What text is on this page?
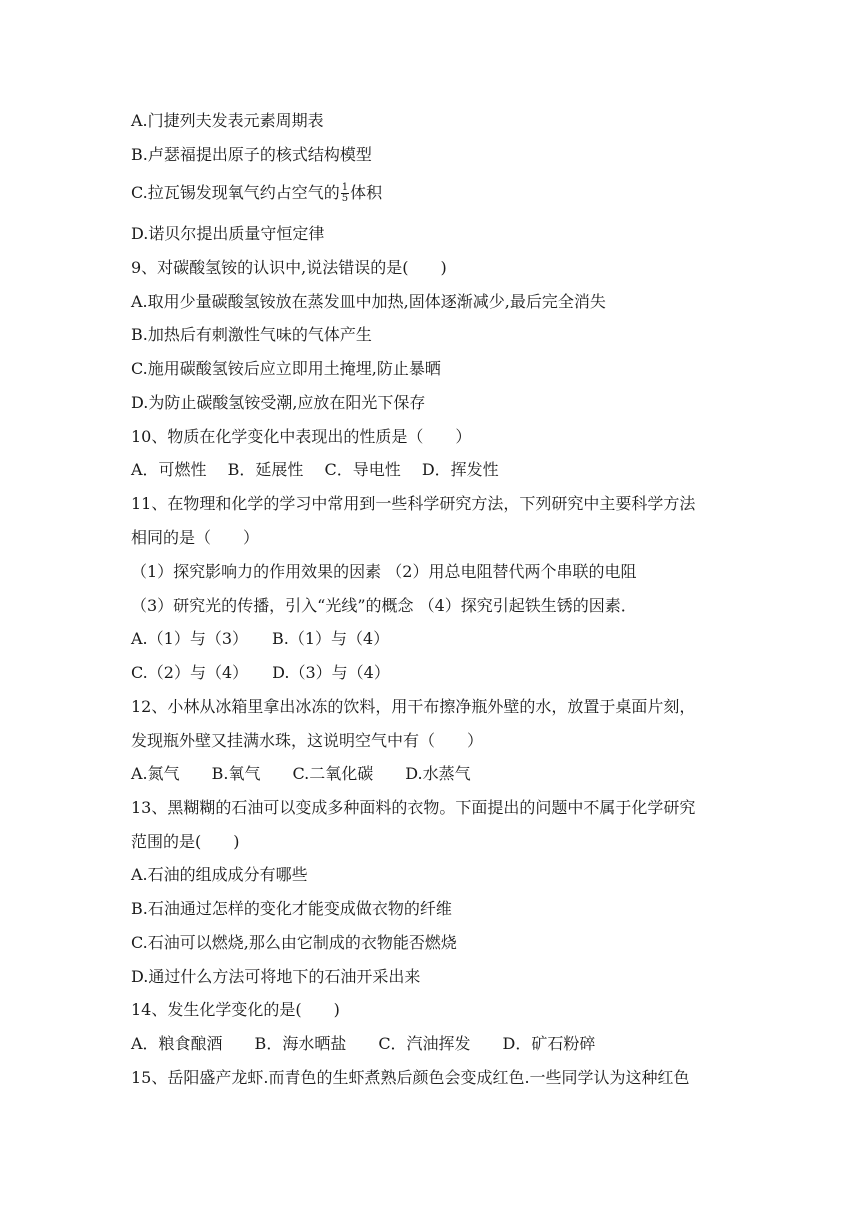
A.门捷列夫发表元素周期表
B.卢瑟福提出原子的核式结构模型
C.拉瓦锡发现氧气约占空气的 $\frac{1}{5}$ 体积
D.诺贝尔提出质量守恒定律
9、对碳酸氢铵的认识中,说法错误的是(　　)
A.取用少量碳酸氢铵放在蒸发皿中加热,固体逐渐减少,最后完全消失
B.加热后有刺激性气味的气体产生
C.施用碳酸氢铵后应立即用土掩埋,防止暴晒
D.为防止碳酸氢铵受潮,应放在阳光下保存
10、物质在化学变化中表现出的性质是（　　）
A．可燃性　 B．延展性　 C．导电性　 D．挥发性
11、在物理和化学的学习中常用到一些科学研究方法，下列研究中主要科学方法
相同的是（　　）
（1）探究影响力的作用效果的因素 （2）用总电阻替代两个串联的电阻
（3）研究光的传播，引入“光线”的概念 （4）探究引起铁生锈的因素．
A.（1）与（3）　　B.（1）与（4）
C.（2）与（4）　　D.（3）与（4）
12、小林从冰箱里拿出冰冻的饮料，用干布擦净瓶外壁的水，放置于桌面片刻，
发现瓶外壁又挂满水珠，这说明空气中有（　　）
A.氮气　　B.氧气　　C.二氧化碳　　D.水蒸气
13、黑糊糊的石油可以变成多种面料的衣物。下面提出的问题中不属于化学研究
范围的是(　　)
A.石油的组成成分有哪些
B.石油通过怎样的变化才能变成做衣物的纤维
C.石油可以燃烧,那么由它制成的衣物能否燃烧
D.通过什么方法可将地下的石油开采出来
14、发生化学变化的是(　　)
A．粮食酿酒　　B．海水晒盐　　C．汽油挥发　　D．矿石粉碎
15、岳阳盛产龙虾.而青色的生虾煮熟后颜色会变成红色.一些同学认为这种红色
